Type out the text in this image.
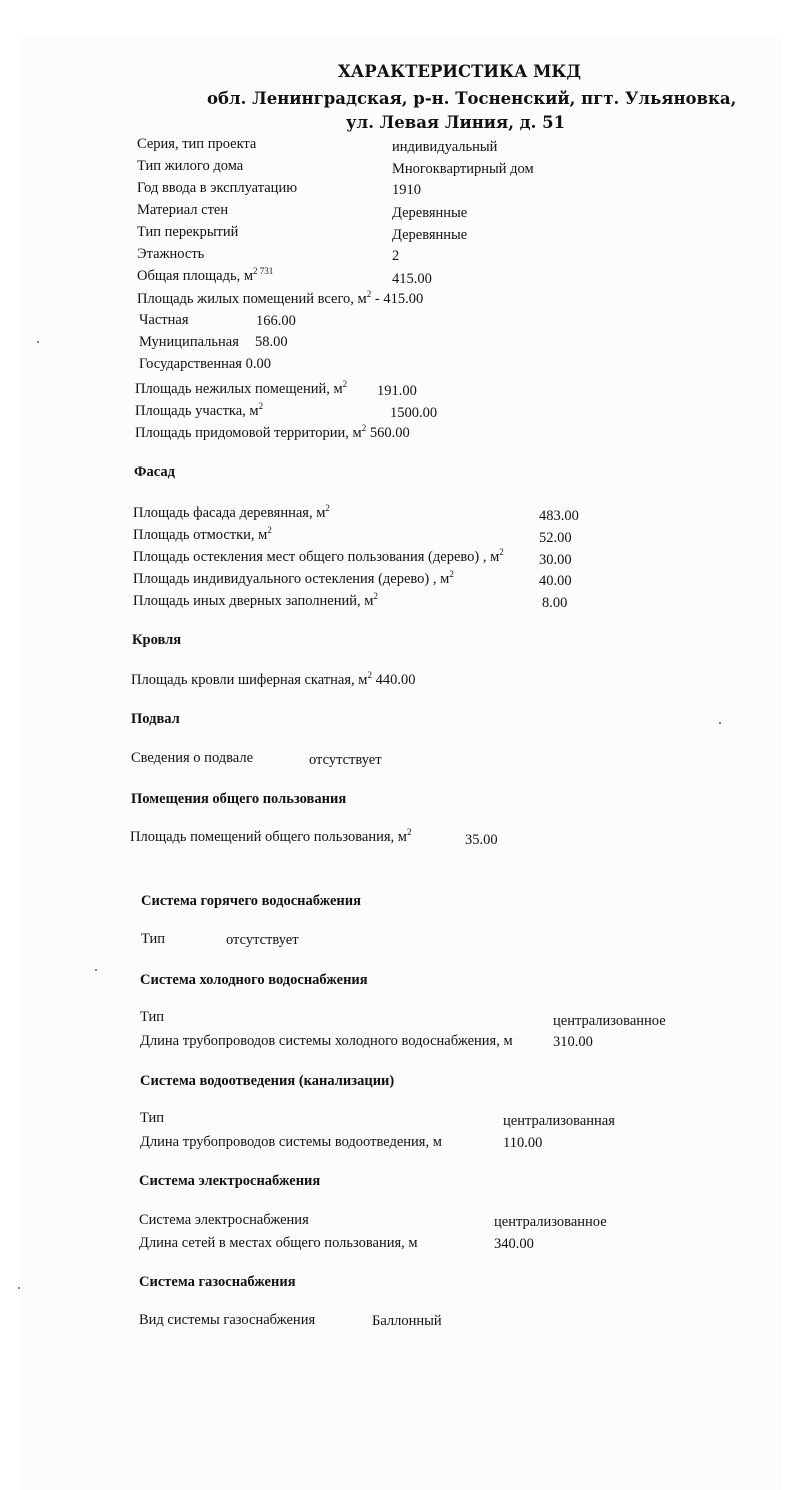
ХАРАКТЕРИСТИКА МКД
обл. Ленинградская, р-н. Тосненский, пгт. Ульяновка,
ул. Левая Линия, д. 51
Серия, тип проекта	индивидуальный
Тип жилого дома	Многоквартирный дом
Год ввода в эксплуатацию	1910
Материал стен	Деревянные
Тип перекрытий	Деревянные
Этажность	2
Общая площадь, $м^{2 731}$	415.00
Площадь жилых помещений всего, $м^2 - 415.00$
Частная	166.00
Муниципальная 58.00
Государственная 0.00
Площадь нежилых помещений, $м^2$ 191.00
Площадь участка, $м^2$	1500.00
Площадь придомовой территории, $м^2$ 560.00
Фасад
Площадь фасада деревянная, $м^2$	483.00
Площадь отмостки, $м^2$	52.00
Площадь остекления мест общего пользования (дерево) , $м^2$ 30.00
Площадь индивидуального остекления (дерево) , $м^2$	40.00
Площадь иных дверных заполнений, $м^2$	8.00
Кровля
Площадь кровли шиферная скатная, $м^2$ 440.00
Подвал
Сведения о подвале	отсутствует
Помещения общего пользования
Площадь помещений общего пользования, $м^2$	35.00
Система горячего водоснабжения
Тип	отсутствует
Система холодного водоснабжения
Тип	централизованное
Длина трубопроводов системы холодного водоснабжения, м	310.00
Система водоотведения (канализации)
Тип	централизованная
Длина трубопроводов системы водоотведения, м	110.00
Система электроснабжения
Система электроснабжения	централизованное
Длина сетей в местах общего пользования, м	340.00
Система газоснабжения
Вид системы газоснабжения	Баллонный
